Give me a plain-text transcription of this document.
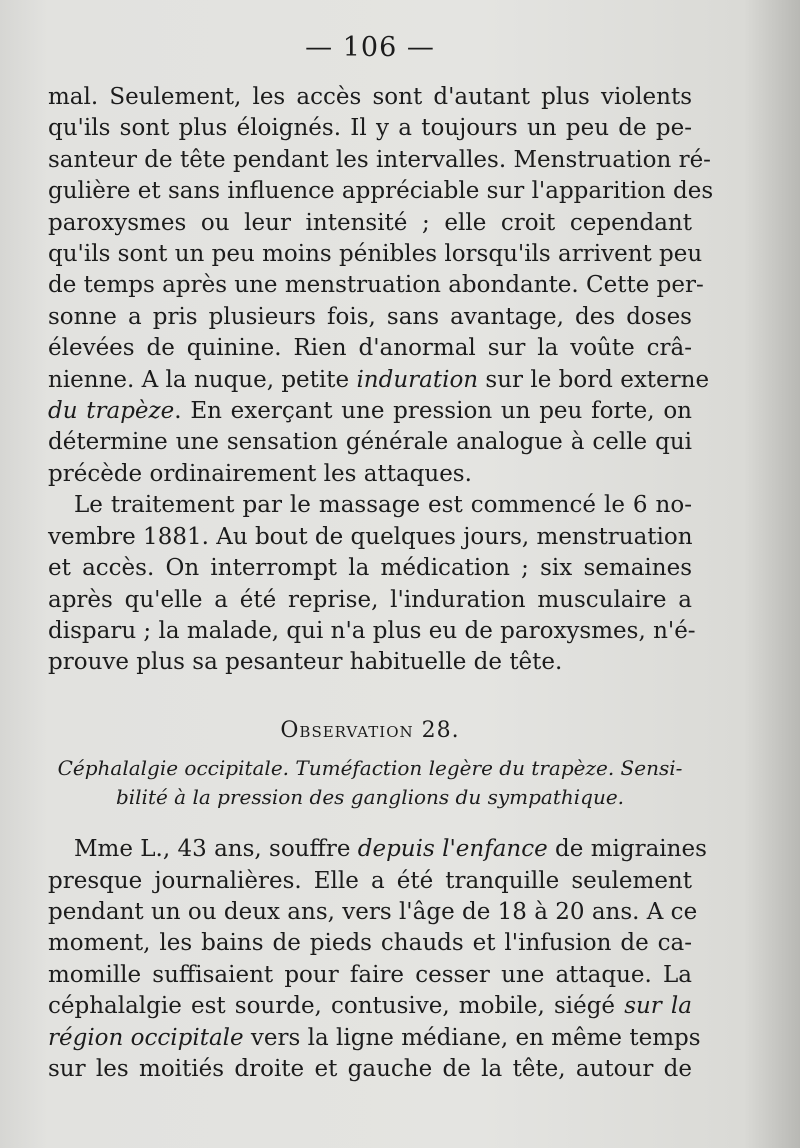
— 106 —
mal. Seulement, les accès sont d'autant plus violents
qu'ils sont plus éloignés. Il y a toujours un peu de pe-
santeur de tête pendant les intervalles. Menstruation ré-
gulière et sans influence appréciable sur l'apparition des
paroxysmes ou leur intensité ; elle croit cependant
qu'ils sont un peu moins pénibles lorsqu'ils arrivent peu
de temps après une menstruation abondante. Cette per-
sonne a pris plusieurs fois, sans avantage, des doses
élevées de quinine. Rien d'anormal sur la voûte crâ-
nienne. A la nuque, petite induration sur le bord externe
du trapèze. En exerçant une pression un peu forte, on
détermine une sensation générale analogue à celle qui
précède ordinairement les attaques.
Le traitement par le massage est commencé le 6 no-
vembre 1881. Au bout de quelques jours, menstruation
et accès. On interrompt la médication ; six semaines
après qu'elle a été reprise, l'induration musculaire a
disparu ; la malade, qui n'a plus eu de paroxysmes, n'é-
prouve plus sa pesanteur habituelle de tête.
Observation 28.
Céphalalgie occipitale. Tuméfaction legère du trapèze. Sensi-
bilité à la pression des ganglions du sympathique.
Mme L., 43 ans, souffre depuis l'enfance de migraines
presque journalières. Elle a été tranquille seulement
pendant un ou deux ans, vers l'âge de 18 à 20 ans. A ce
moment, les bains de pieds chauds et l'infusion de ca-
momille suffisaient pour faire cesser une attaque. La
céphalalgie est sourde, contusive, mobile, siégé sur la
région occipitale vers la ligne médiane, en même temps
sur les moitiés droite et gauche de la tête, autour de
